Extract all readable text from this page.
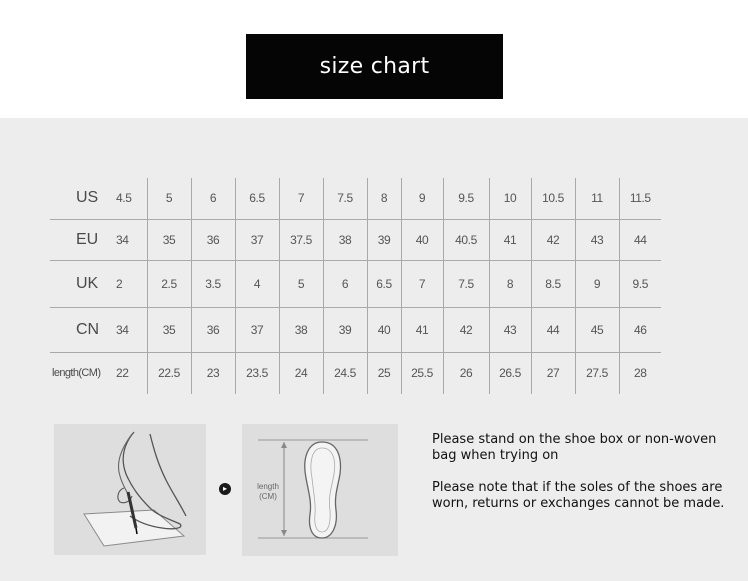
size chart
US	4.5	5	6	6.5	7	7.5	8	9	9.5	10	10.5	11	11.5
EU	34	35	36	37	37.5	38	39	40	40.5	41	42	43	44
UK	2	2.5	3.5	4	5	6	6.5	7	7.5	8	8.5	9	9.5
CN	34	35	36	37	38	39	40	41	42	43	44	45	46
length(CM)	22	22.5	23	23.5	24	24.5	25	25.5	26	26.5	27	27.5	28
▸	length
(CM)

Please stand on the shoe box or non-woven bag when trying on

Please note that if the soles of the shoes are worn, returns or exchanges cannot be made.
